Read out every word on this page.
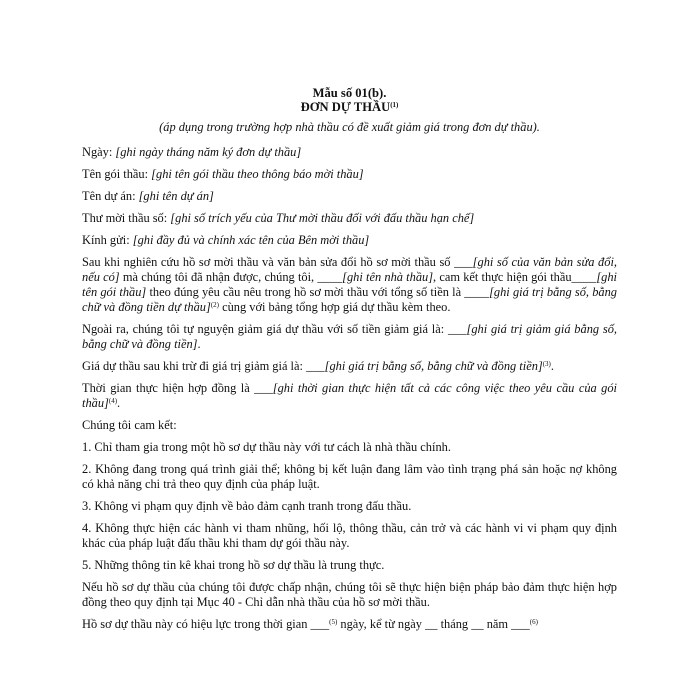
Mẫu số 01(b).
ĐƠN DỰ THẦU$^{(1)}$
(áp dụng trong trường hợp nhà thầu có đề xuất giảm giá trong đơn dự thầu).

Ngày: [ghi ngày tháng năm ký đơn dự thầu]

Tên gói thầu: [ghi tên gói thầu theo thông báo mời thầu]

Tên dự án: [ghi tên dự án]

Thư mời thầu số: [ghi số trích yếu của Thư mời thầu đối với đấu thầu hạn chế]

Kính gửi: [ghi đầy đủ và chính xác tên của Bên mời thầu]

Sau khi nghiên cứu hồ sơ mời thầu và văn bản sửa đổi hồ sơ mời thầu số ___[ghi số của văn bản sửa đổi, nếu có] mà chúng tôi đã nhận được, chúng tôi, ____[ghi tên nhà thầu], cam kết thực hiện gói thầu____[ghi tên gói thầu] theo đúng yêu cầu nêu trong hồ sơ mời thầu với tổng số tiền là ____[ghi giá trị bằng số, bằng chữ và đồng tiền dự thầu]$^{(2)}$ cùng với bảng tổng hợp giá dự thầu kèm theo.

Ngoài ra, chúng tôi tự nguyện giảm giá dự thầu với số tiền giảm giá là: ___[ghi giá trị giảm giá bằng số, bằng chữ và đồng tiền].

Giá dự thầu sau khi trừ đi giá trị giảm giá là: ___[ghi giá trị bằng số, bằng chữ và đồng tiền]$^{(3)}$.

Thời gian thực hiện hợp đồng là ___[ghi thời gian thực hiện tất cả các công việc theo yêu cầu của gói thầu]$^{(4)}$.

Chúng tôi cam kết:

1. Chỉ tham gia trong một hồ sơ dự thầu này với tư cách là nhà thầu chính.

2. Không đang trong quá trình giải thể; không bị kết luận đang lâm vào tình trạng phá sản hoặc nợ không có khả năng chi trả theo quy định của pháp luật.

3. Không vi phạm quy định về bảo đảm cạnh tranh trong đấu thầu.

4. Không thực hiện các hành vi tham nhũng, hối lộ, thông thầu, cản trở và các hành vi vi phạm quy định khác của pháp luật đấu thầu khi tham dự gói thầu này.

5. Những thông tin kê khai trong hồ sơ dự thầu là trung thực.

Nếu hồ sơ dự thầu của chúng tôi được chấp nhận, chúng tôi sẽ thực hiện biện pháp bảo đảm thực hiện hợp đồng theo quy định tại Mục 40 - Chỉ dẫn nhà thầu của hồ sơ mời thầu.

Hồ sơ dự thầu này có hiệu lực trong thời gian ___$^{(5)}$ ngày, kể từ ngày __ tháng __ năm ___$^{(6)}$
